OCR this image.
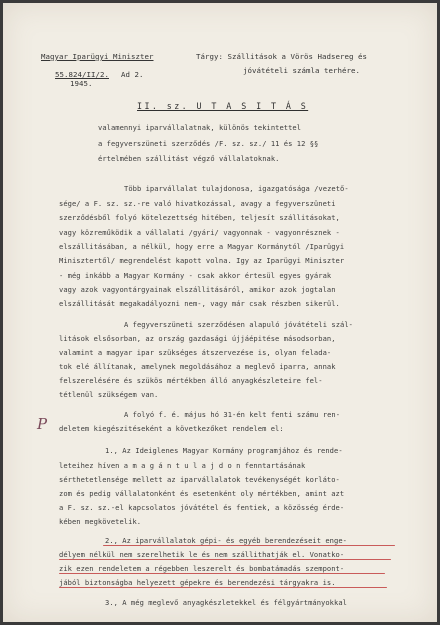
Magyar Iparügyi Miniszter
55.824/II/2. Ad 2.
1945.
Tárgy: Szállitások a Vörös Hadsereg és
jóvátételi számla terhére.
II. sz. U T A S I T Á S
valamennyi iparvállalatnak, különös tekintettel
a fegyverszüneti szerződés /F. sz. sz./ 11 és 12 §§
értelmében szállitást végző vállalatoknak.
Több iparvállalat tulajdonosa, igazgatósága /vezető-
sége/ a F. sz. sz.-re való hivatkozással, avagy a fegyverszüneti
szerződésből folyó kötelezettség hitében, teljesít szállitásokat,
vagy közreműködik a vállalati /gyári/ vagyonnak - vagyonrésznek -
elszállitásában, a nélkül, hogy erre a Magyar Kormánytól /Iparügyi
Minisztertől/ megrendelést kapott volna. Igy az Iparügyi Miniszter
- még inkább a Magyar Kormány - csak akkor értesül egyes gyárak
vagy azok vagyontárgyainak elszállitásáról, amikor azok jogtalan
elszállitását megakadályozni nem-, vagy már csak részben sikerül.
A fegyverszüneti szerződésen alapuló jóvátételi szál-
litások elsősorban, az ország gazdasági újjáépitése másodsorban,
valamint a magyar ipar szükséges átszervezése is, olyan felada-
tok elé állítanak, amelynek megoldásához a meglevő iparra, annak
felszerelésére és szükös mértékben álló anyagkészleteire fel-
tétlenül szükségem van.
A folyó f. é. május hó 31-én kelt fenti számu ren-
deletem kiegészitéseként a következőket rendelem el:
P
1., Az Ideiglenes Magyar Kormány programjához és rende-
leteihez híven a m a g á n t u l a j d o n fenntartásának
sérthetetlensége mellett az iparvállalatok tevékenységét korláto-
zom és pedig vállalatonként és esetenként oly mértékben, amint azt
a F. sz. sz.-el kapcsolatos jóvátétel és fentiek, a közösség érde-
kében megkövetelik.
2., Az iparvállalatok gépi- és egyéb berendezéseit enge-
délyem nélkül nem szerelhetik le és nem szállithatják el. Vonatko-
zik ezen rendeletem a régebben leszerelt és bombatámadás szempont-
jából biztonságba helyezett gépekre és berendezési tárgyakra is.
3., A még meglevő anyagkészletekkel és félgyártmányokkal
